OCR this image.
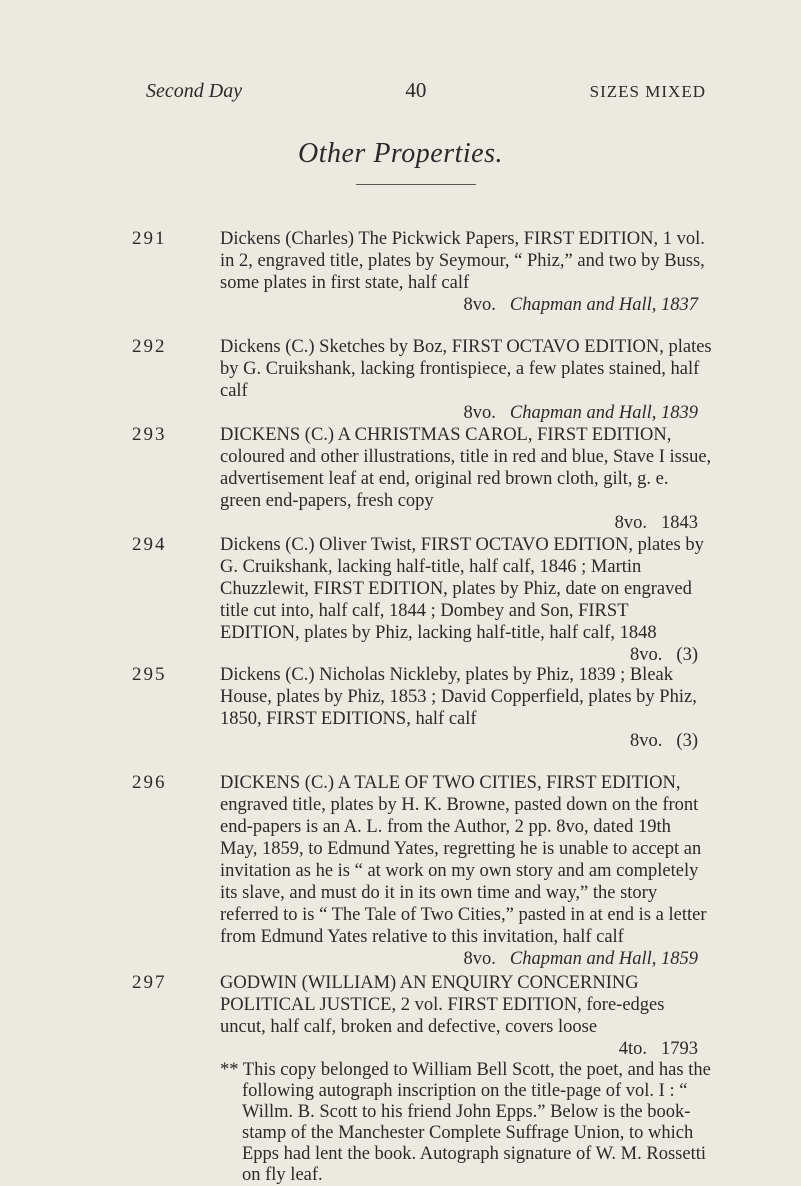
Second Day	40	SIZES MIXED
Other Properties.
291	Dickens (Charles) The Pickwick Papers, FIRST EDITION, 1 vol. in 2, engraved title, plates by Seymour, “ Phiz,” and two by Buss, some plates in first state, half calf
8vo. Chapman and Hall, 1837
292	Dickens (C.) Sketches by Boz, FIRST OCTAVO EDITION, plates by G. Cruikshank, lacking frontispiece, a few plates stained, half calf
8vo. Chapman and Hall, 1839
293	DICKENS (C.) A CHRISTMAS CAROL, FIRST EDITION, coloured and other illustrations, title in red and blue, Stave I issue, advertisement leaf at end, original red brown cloth, gilt, g. e. green end-papers, fresh copy
8vo. 1843
294	Dickens (C.) Oliver Twist, FIRST OCTAVO EDITION, plates by G. Cruikshank, lacking half-title, half calf, 1846 ; Martin Chuzzlewit, FIRST EDITION, plates by Phiz, date on engraved title cut into, half calf, 1844 ; Dombey and Son, FIRST EDITION, plates by Phiz, lacking half-title, half calf, 1848
8vo. (3)
295	Dickens (C.) Nicholas Nickleby, plates by Phiz, 1839 ; Bleak House, plates by Phiz, 1853 ; David Copperfield, plates by Phiz, 1850, FIRST EDITIONS, half calf
8vo. (3)
296	DICKENS (C.) A TALE OF TWO CITIES, FIRST EDITION, engraved title, plates by H. K. Browne, pasted down on the front end-papers is an A. L. from the Author, 2 pp. 8vo, dated 19th May, 1859, to Edmund Yates, regretting he is unable to accept an invitation as he is “ at work on my own story and am completely its slave, and must do it in its own time and way,” the story referred to is “ The Tale of Two Cities,” pasted in at end is a letter from Edmund Yates relative to this invitation, half calf
8vo. Chapman and Hall, 1859
297	GODWIN (WILLIAM) AN ENQUIRY CONCERNING POLITICAL JUSTICE, 2 vol. FIRST EDITION, fore-edges uncut, half calf, broken and defective, covers loose
4to. 1793
** This copy belonged to William Bell Scott, the poet, and has the following autograph inscription on the title-page of vol. I : “ Willm. B. Scott to his friend John Epps.” Below is the book-stamp of the Manchester Complete Suffrage Union, to which Epps had lent the book. Autograph signature of W. M. Rossetti on fly leaf.
